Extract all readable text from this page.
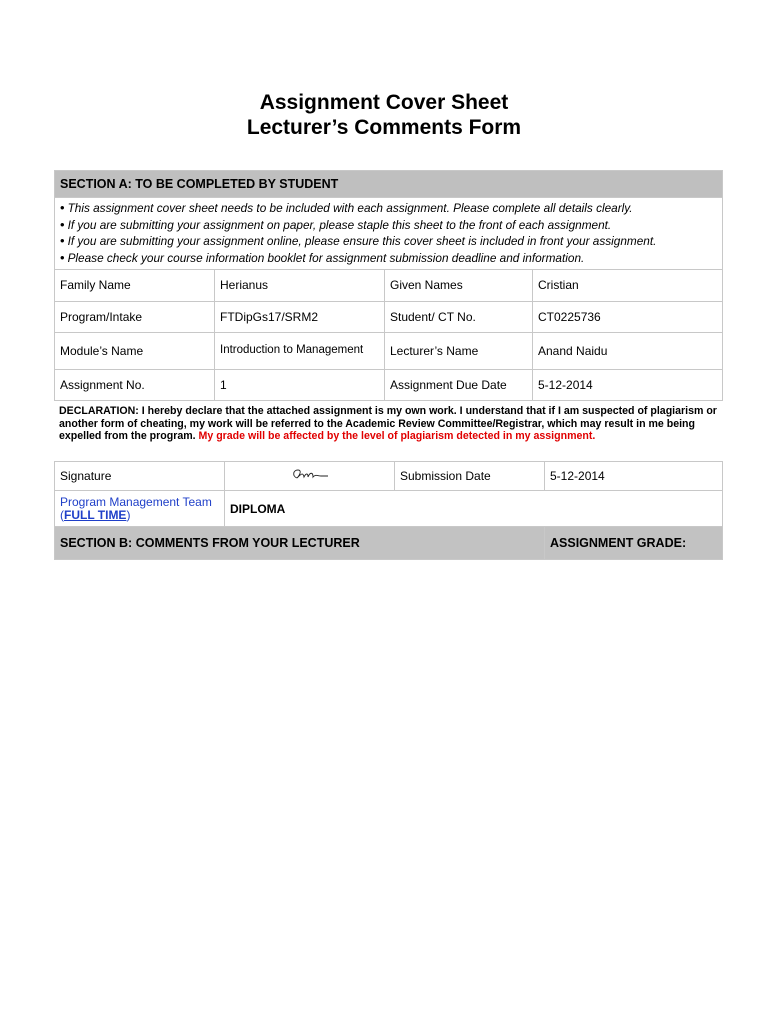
Assignment Cover Sheet
Lecturer’s Comments Form
SECTION A: TO BE COMPLETED BY STUDENT			

• This assignment cover sheet needs to be included with each assignment. Please complete all details clearly.
• If you are submitting your assignment on paper, please staple this sheet to the front of each assignment.
• If you are submitting your assignment online, please ensure this cover sheet is included in front your assignment.
• Please check your course information booklet for assignment submission deadline and information.			

Family Name	Herianus	Given Names	Cristian
Program/Intake	FTDipGs17/SRM2	Student/ CT No.	CT0225736
Module’s Name	Introduction to Management	Lecturer’s Name	Anand Naidu
Assignment No.	1	Assignment Due Date	5-12-2014
DECLARATION: I hereby declare that the attached assignment is my own work. I understand that if I am suspected of plagiarism or another form of cheating, my work will be referred to the Academic Review Committee/Registrar, which may result in me being expelled from the program. My grade will be affected by the level of plagiarism detected in my assignment.
Signature		Submission Date	5-12-2014
Program Management Team (FULL TIME)	DIPLOMA		
SECTION B: COMMENTS FROM YOUR LECTURER			ASSIGNMENT GRADE:
